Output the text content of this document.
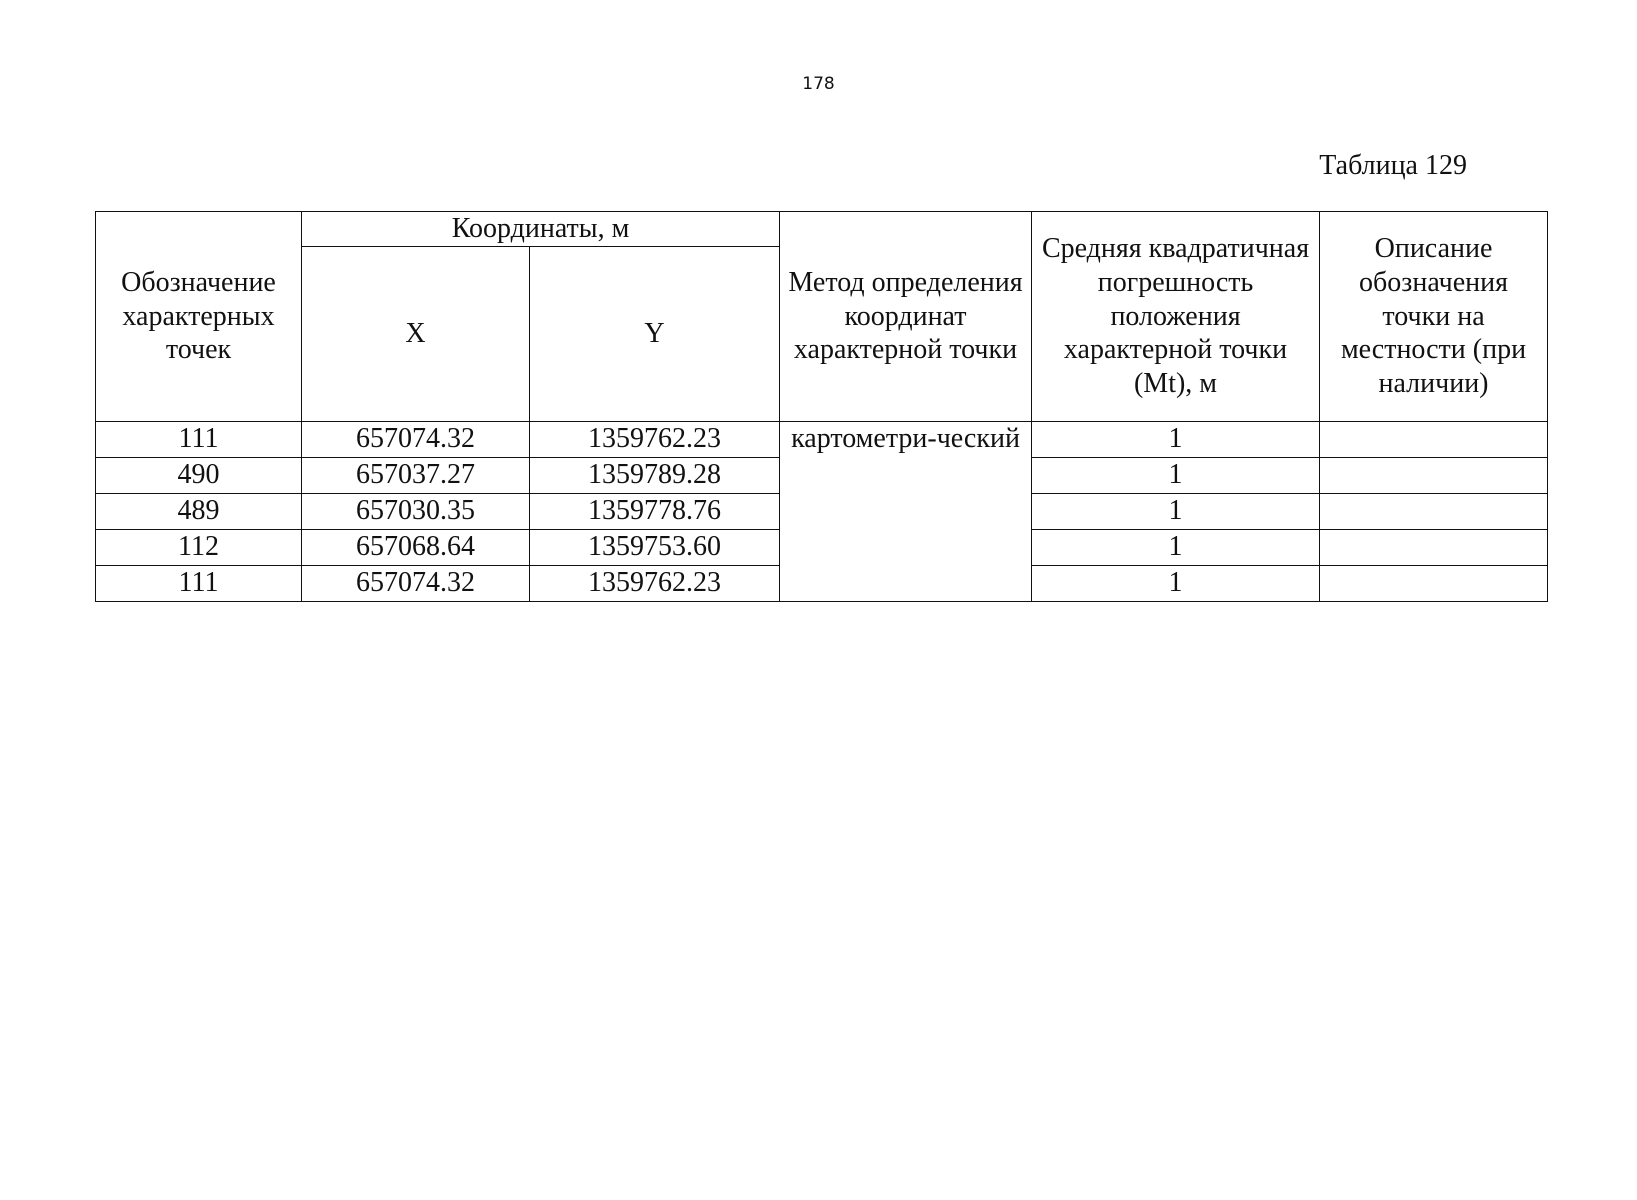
178
Таблица 129
Обозначение характерных точек	Координаты, м		Метод определения координат характерной точки	Средняя квадратичная погрешность положения характерной точки (Mt), м	Описание обозначения точки на местности (при наличии)
	X	Y			
111	657074.32	1359762.23	картометри-ческий	1	
490	657037.27	1359789.28		1	
489	657030.35	1359778.76		1	
112	657068.64	1359753.60		1	
111	657074.32	1359762.23		1	
